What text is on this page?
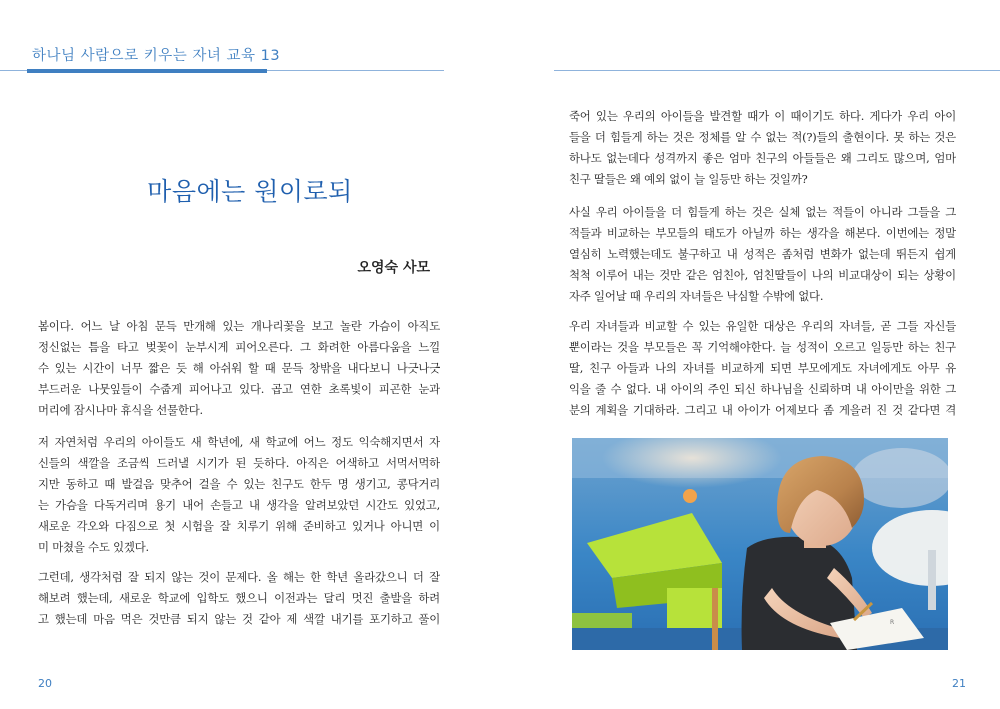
하나님 사람으로 키우는 자녀 교육 13
마음에는 원이로되
오영숙 사모
봄이다. 어느 날 아침 문득 만개해 있는 개나리꽃을 보고 놀란 가슴이 아직도
정신없는 틈을 타고 벚꽃이 눈부시게 피어오른다. 그 화려한 아름다움을 느낄
수 있는 시간이 너무 짧은 듯 해 아쉬워 할 때 문득 창밖을 내다보니 나긋나긋
부드러운 나뭇잎들이 수줍게 피어나고 있다. 곱고 연한 초록빛이 피곤한 눈과
머리에 잠시나마 휴식을 선물한다.
저 자연처럼 우리의 아이들도 새 학년에, 새 학교에 어느 정도 익숙해지면서 자
신들의 색깔을 조금씩 드러낼 시기가 된 듯하다. 아직은 어색하고 서먹서먹하
지만 동하고 때 발걸음 맞추어 걸을 수 있는 친구도 한두 명 생기고, 콩닥거리
는 가슴을 다독거리며 용기 내어 손들고 내 생각을 알려보았던 시간도 있었고,
새로운 각오와 다짐으로 첫 시험을 잘 치루기 위해 준비하고 있거나 아니면 이
미 마쳤을 수도 있겠다.
그런데, 생각처럼 잘 되지 않는 것이 문제다. 올 해는 한 학년 올라갔으니 더 잘
해보려 했는데, 새로운 학교에 입학도 했으니 이전과는 달리 멋진 출발을 하려
고 했는데 마음 먹은 것만큼 되지 않는 것 같아 제 색깔 내기를 포기하고 풀이
20
죽어 있는 우리의 아이들을 발견할 때가 이 때이기도 하다. 게다가 우리 아이
들을 더 힘들게 하는 것은 정체를 알 수 없는 적(?)들의 출현이다. 못 하는 것은
하나도 없는데다 성격까지 좋은 엄마 친구의 아들들은 왜 그리도 많으며, 엄마
친구 딸들은 왜 예외 없이 늘 일등만 하는 것일까?
사실 우리 아이들을 더 힘들게 하는 것은 실체 없는 적들이 아니라 그들을 그
적들과 비교하는 부모들의 태도가 아닐까 하는 생각을 해본다. 이번에는 정말
열심히 노력했는데도 불구하고 내 성적은 좀처럼 변화가 없는데 뛰든지 쉽게
척척 이루어 내는 것만 같은 엄친아, 엄친딸들이 나의 비교대상이 되는 상황이
자주 일어날 때 우리의 자녀들은 낙심할 수밖에 없다.
우리 자녀들과 비교할 수 있는 유일한 대상은 우리의 자녀들, 곧 그들 자신들
뿐이라는 것을 부모들은 꼭 기억해야한다. 늘 성적이 오르고 일등만 하는 친구
딸, 친구 아들과 나의 자녀를 비교하게 되면 부모에게도 자녀에게도 아무 유
익을 줄 수 없다. 내 아이의 주인 되신 하나님을 신뢰하며 내 아이만을 위한 그
분의 계획을 기대하라. 그리고 내 아이가 어제보다 좀 게을러 진 것 같다면 격
R
21
